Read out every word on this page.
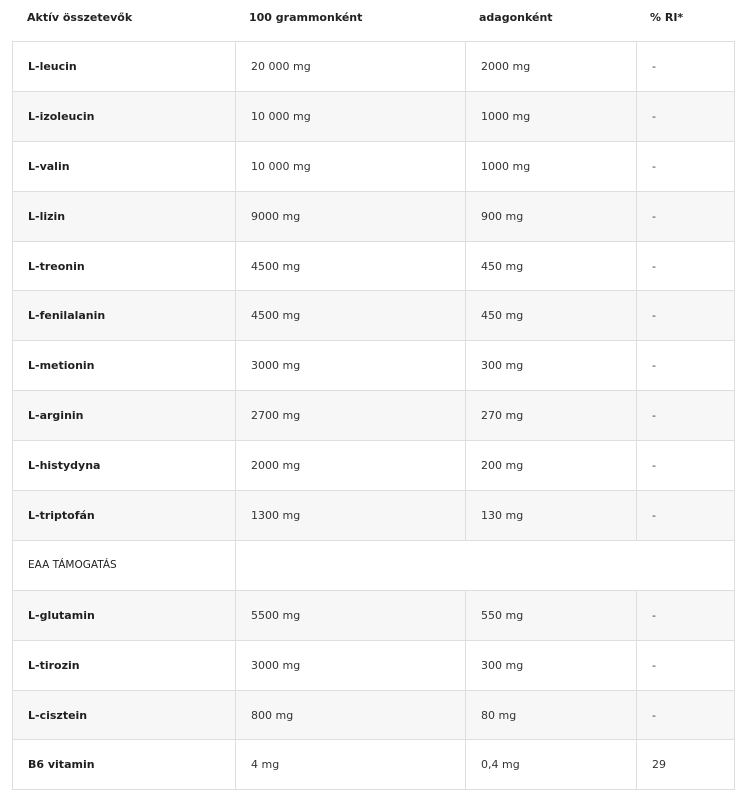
Aktív összetevők	100 grammonként	adagonként	% RI*
L-leucin	20 000 mg	2000 mg	-
L-izoleucin	10 000 mg	1000 mg	-
L-valin	10 000 mg	1000 mg	-
L-lizin	9000 mg	900 mg	-
L-treonin	4500 mg	450 mg	-
L-fenilalanin	4500 mg	450 mg	-
L-metionin	3000 mg	300 mg	-
L-arginin	2700 mg	270 mg	-
L-histydyna	2000 mg	200 mg	-
L-triptofán	1300 mg	130 mg	-
EAA TÁMOGATÁS
L-glutamin	5500 mg	550 mg	-
L-tirozin	3000 mg	300 mg	-
L-cisztein	800 mg	80 mg	-
B6 vitamin	4 mg	0,4 mg	29
